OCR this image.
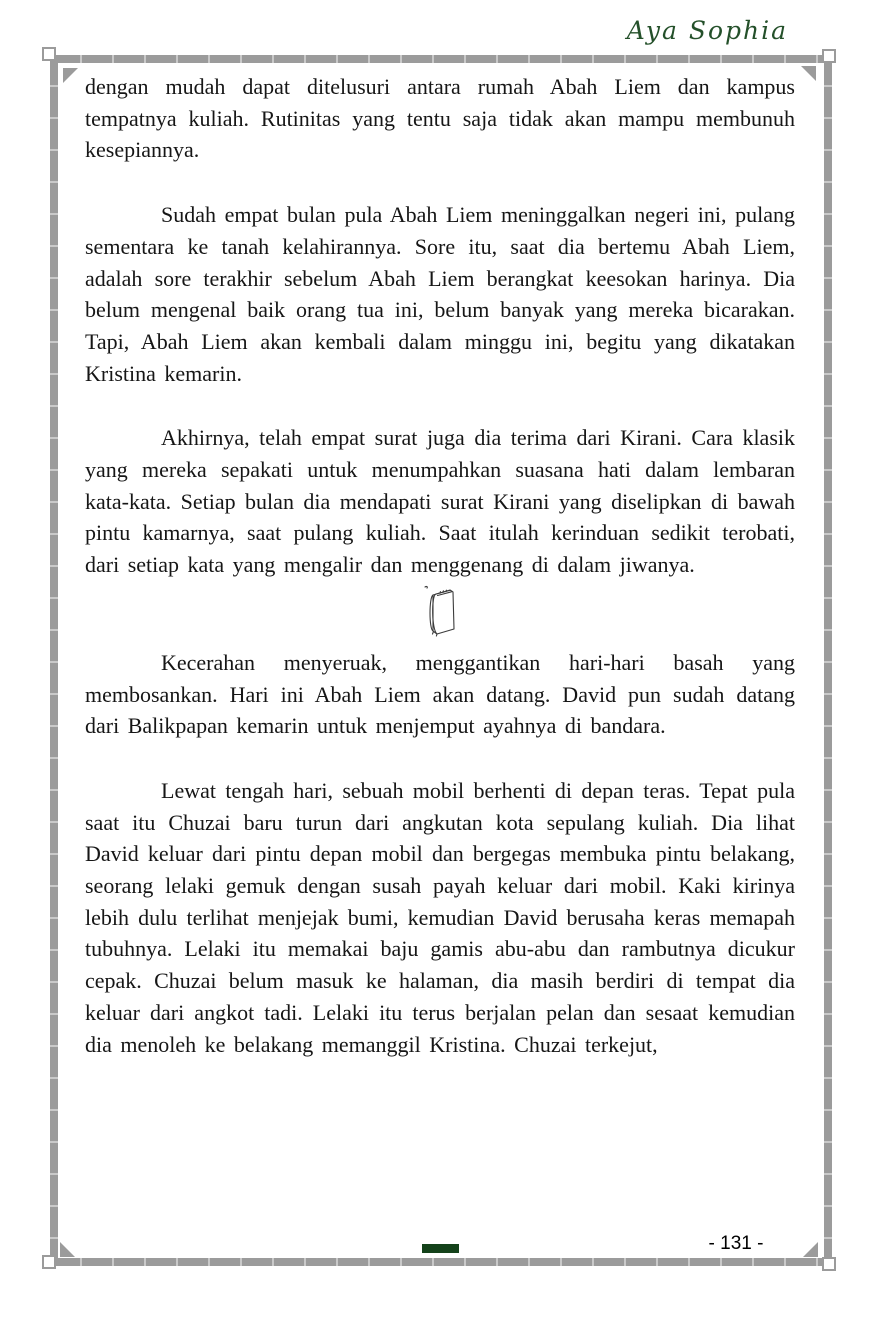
Aya Sophia

dengan mudah dapat ditelusuri antara rumah Abah Liem dan kampus tempatnya kuliah. Rutinitas yang tentu saja tidak akan mampu membunuh kesepiannya.

Sudah empat bulan pula Abah Liem meninggalkan negeri ini, pulang sementara ke tanah kelahirannya. Sore itu, saat dia bertemu Abah Liem, adalah sore terakhir sebelum Abah Liem berangkat keesokan harinya. Dia belum mengenal baik orang tua ini, belum banyak yang mereka bicarakan. Tapi, Abah Liem akan kembali dalam minggu ini, begitu yang dikatakan Kristina kemarin.

Akhirnya, telah empat surat juga dia terima dari Kirani. Cara klasik yang mereka sepakati untuk menumpahkan suasana hati dalam lembaran kata-kata. Setiap bulan dia mendapati surat Kirani yang diselipkan di bawah pintu kamarnya, saat pulang kuliah. Saat itulah kerinduan sedikit terobati, dari setiap kata yang mengalir dan menggenang di dalam jiwanya.

Kecerahan menyeruak, menggantikan hari-hari basah yang membosankan. Hari ini Abah Liem akan datang. David pun sudah datang dari Balikpapan kemarin untuk menjemput ayahnya di bandara.

Lewat tengah hari, sebuah mobil berhenti di depan teras. Tepat pula saat itu Chuzai baru turun dari angkutan kota sepulang kuliah. Dia lihat David keluar dari pintu depan mobil dan bergegas membuka pintu belakang, seorang lelaki gemuk dengan susah payah keluar dari mobil. Kaki kirinya lebih dulu terlihat menjejak bumi, kemudian David berusaha keras memapah tubuhnya. Lelaki itu memakai baju gamis abu-abu dan rambutnya dicukur cepak. Chuzai belum masuk ke halaman, dia masih berdiri di tempat dia keluar dari angkot tadi. Lelaki itu terus berjalan pelan dan sesaat kemudian dia menoleh ke belakang memanggil Kristina. Chuzai terkejut,

- 131 -
